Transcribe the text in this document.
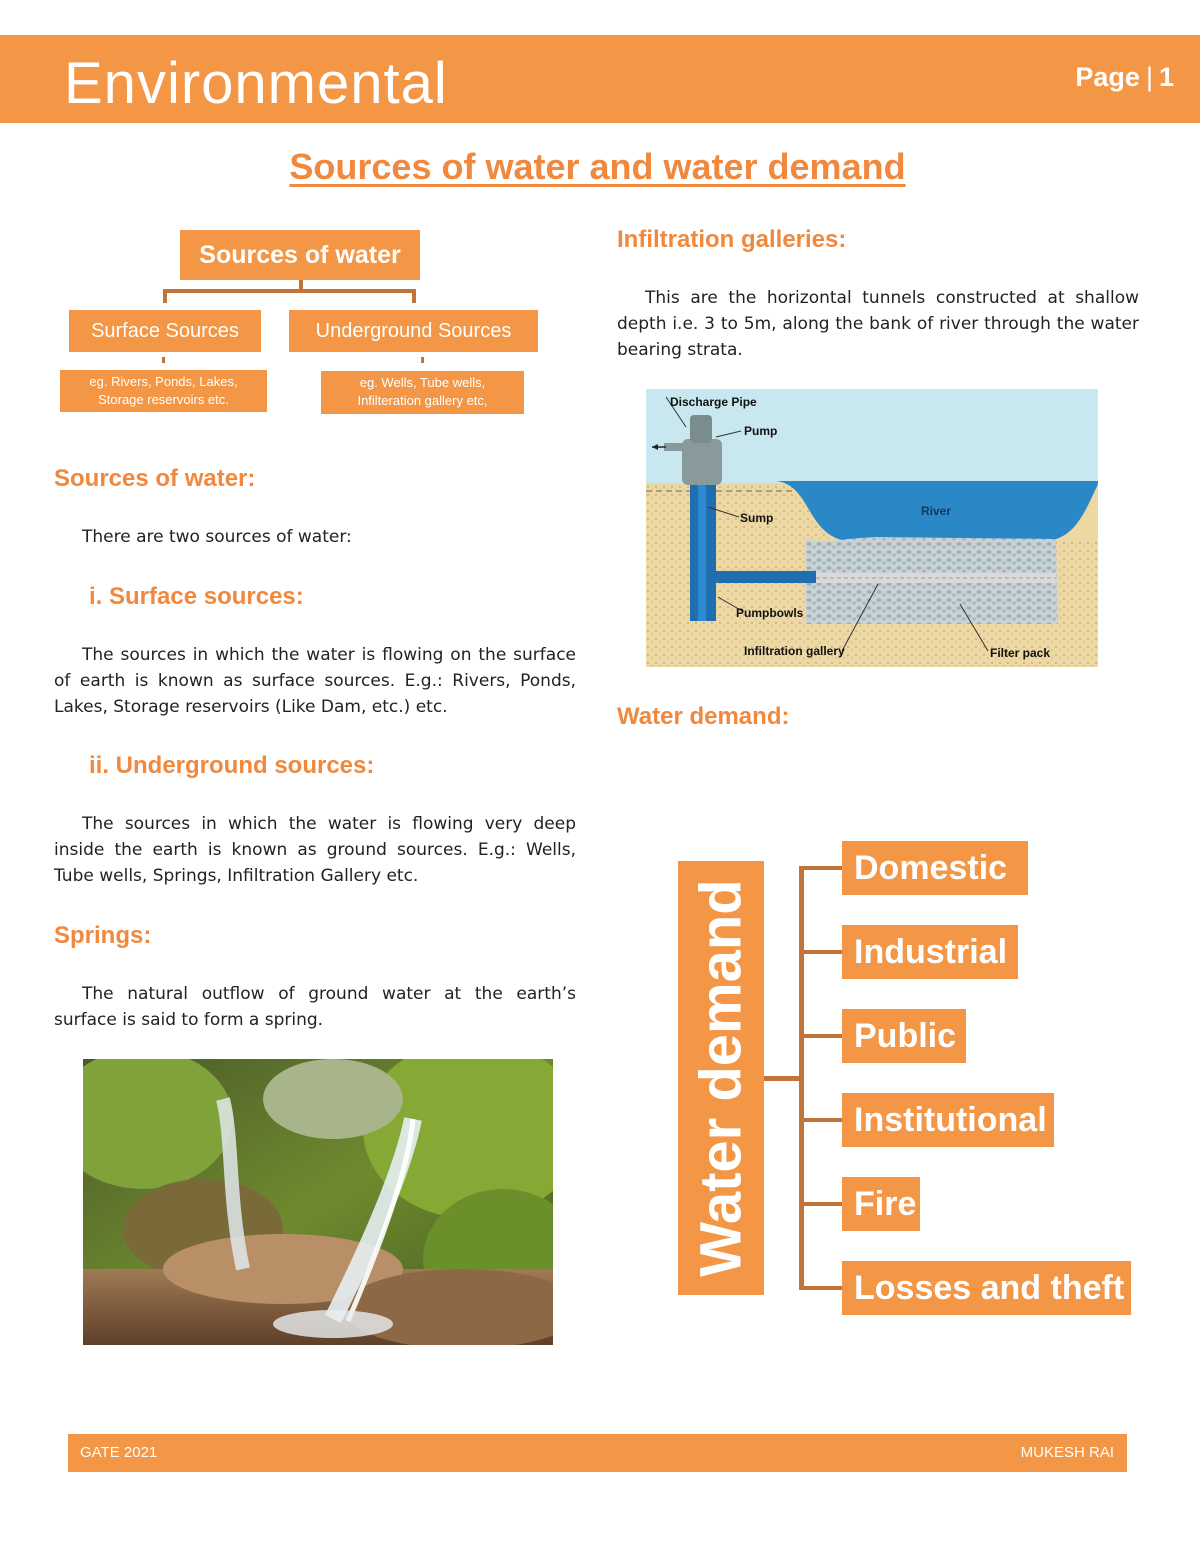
Environmental	Page | 1
Sources of water and water demand
Sources of water
Surface Sources	Underground Sources
eg. Rivers, Ponds, Lakes,
Storage reservoirs etc.
eg. Wells, Tube wells,
Infilteration gallery etc,
Sources of water:
There are two sources of water:
i. Surface sources:
The sources in which the water is flowing on the surface of earth is known as surface sources. E.g.: Rivers, Ponds, Lakes, Storage reservoirs (Like Dam, etc.) etc.
ii. Underground sources:
The sources in which the water is flowing very deep inside the earth is known as ground sources. E.g.: Wells, Tube wells, Springs, Infiltration Gallery etc.
Springs:
The natural outflow of ground water at the earth’s surface is said to form a spring.
Infiltration galleries:
This are the horizontal tunnels constructed at shallow depth i.e. 3 to 5m, along the bank of river through the water bearing strata.
Discharge Pipe
Pump
Sump	River
Pumpbowls
Infiltration gallery	Filter pack
Water demand:
Water demand
Domestic
Industrial
Public
Institutional
Fire
Losses and theft
GATE 2021	MUKESH RAI
